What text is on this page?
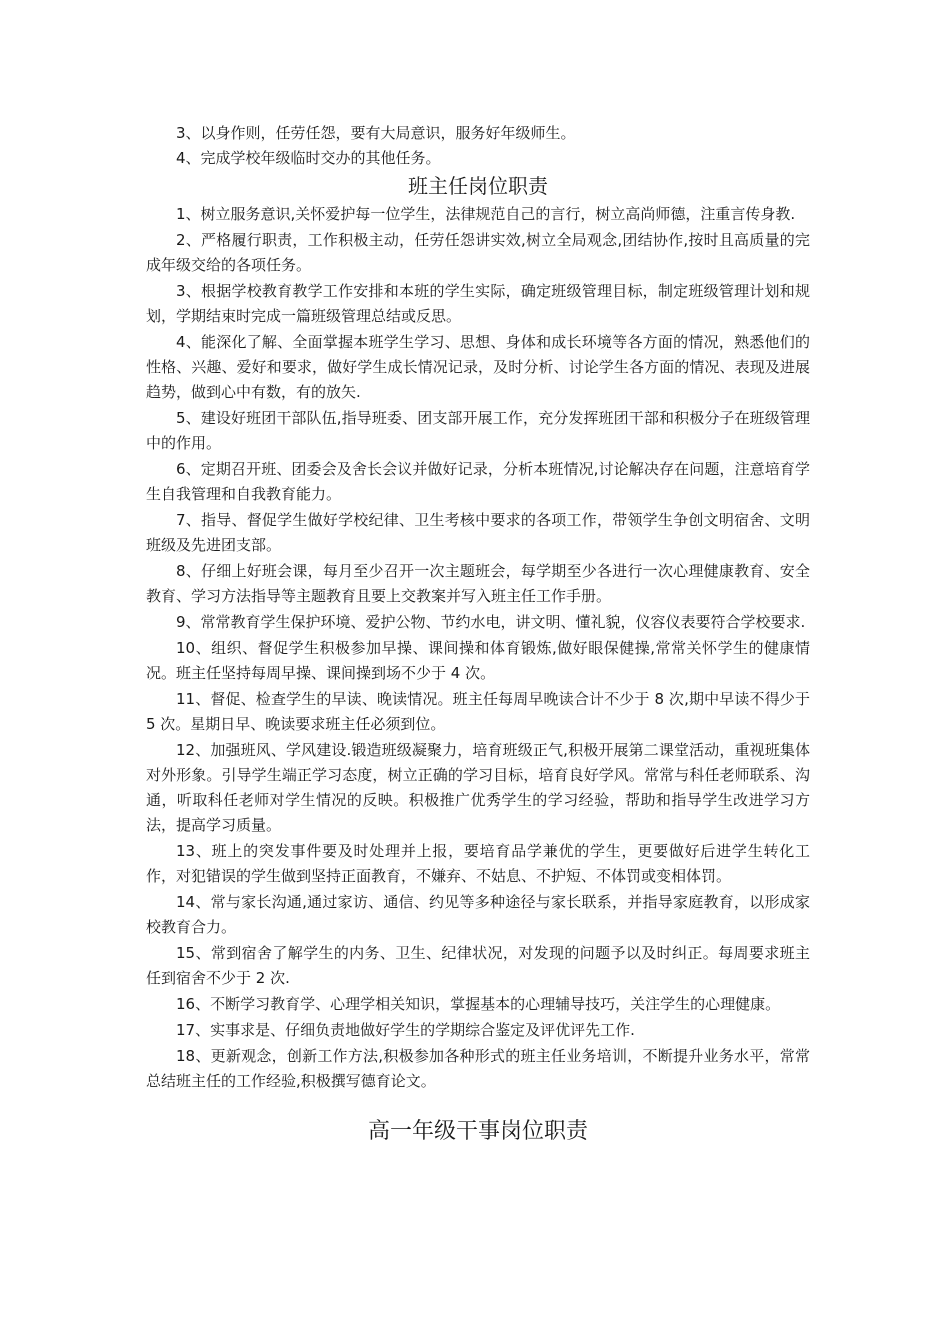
3、以身作则，任劳任怨，要有大局意识，服务好年级师生。

4、完成学校年级临时交办的其他任务。

班主任岗位职责

1、树立服务意识,关怀爱护每一位学生，法律规范自己的言行，树立高尚师德，注重言传身教.

2、严格履行职责，工作积极主动，任劳任怨讲实效,树立全局观念,团结协作,按时且高质量的完成年级交给的各项任务。

3、根据学校教育教学工作安排和本班的学生实际，确定班级管理目标，制定班级管理计划和规划，学期结束时完成一篇班级管理总结或反思。

4、能深化了解、全面掌握本班学生学习、思想、身体和成长环境等各方面的情况，熟悉他们的性格、兴趣、爱好和要求，做好学生成长情况记录，及时分析、讨论学生各方面的情况、表现及进展趋势，做到心中有数，有的放矢.

5、建设好班团干部队伍,指导班委、团支部开展工作，充分发挥班团干部和积极分子在班级管理中的作用。

6、定期召开班、团委会及舍长会议并做好记录，分析本班情况,讨论解决存在问题，注意培育学生自我管理和自我教育能力。

7、指导、督促学生做好学校纪律、卫生考核中要求的各项工作，带领学生争创文明宿舍、文明班级及先进团支部。

8、仔细上好班会课，每月至少召开一次主题班会，每学期至少各进行一次心理健康教育、安全教育、学习方法指导等主题教育且要上交教案并写入班主任工作手册。

9、常常教育学生保护环境、爱护公物、节约水电，讲文明、懂礼貌，仪容仪表要符合学校要求.

10、组织、督促学生积极参加早操、课间操和体育锻炼,做好眼保健操,常常关怀学生的健康情况。班主任坚持每周早操、课间操到场不少于 4 次。

11、督促、检查学生的早读、晚读情况。班主任每周早晚读合计不少于 8 次,期中早读不得少于 5 次。星期日早、晚读要求班主任必须到位。

12、加强班风、学风建设.锻造班级凝聚力，培育班级正气,积极开展第二课堂活动，重视班集体对外形象。引导学生端正学习态度，树立正确的学习目标，培育良好学风。常常与科任老师联系、沟通，听取科任老师对学生情况的反映。积极推广优秀学生的学习经验，帮助和指导学生改进学习方法，提高学习质量。

13、班上的突发事件要及时处理并上报，要培育品学兼优的学生，更要做好后进学生转化工作，对犯错误的学生做到坚持正面教育，不嫌弃、不姑息、不护短、不体罚或变相体罚。

14、常与家长沟通,通过家访、通信、约见等多种途径与家长联系，并指导家庭教育，以形成家校教育合力。

15、常到宿舍了解学生的内务、卫生、纪律状况，对发现的问题予以及时纠正。每周要求班主任到宿舍不少于 2 次.

16、不断学习教育学、心理学相关知识，掌握基本的心理辅导技巧，关注学生的心理健康。

17、实事求是、仔细负责地做好学生的学期综合鉴定及评优评先工作.

18、更新观念，创新工作方法,积极参加各种形式的班主任业务培训，不断提升业务水平，常常总结班主任的工作经验,积极撰写德育论文。

高一年级干事岗位职责
